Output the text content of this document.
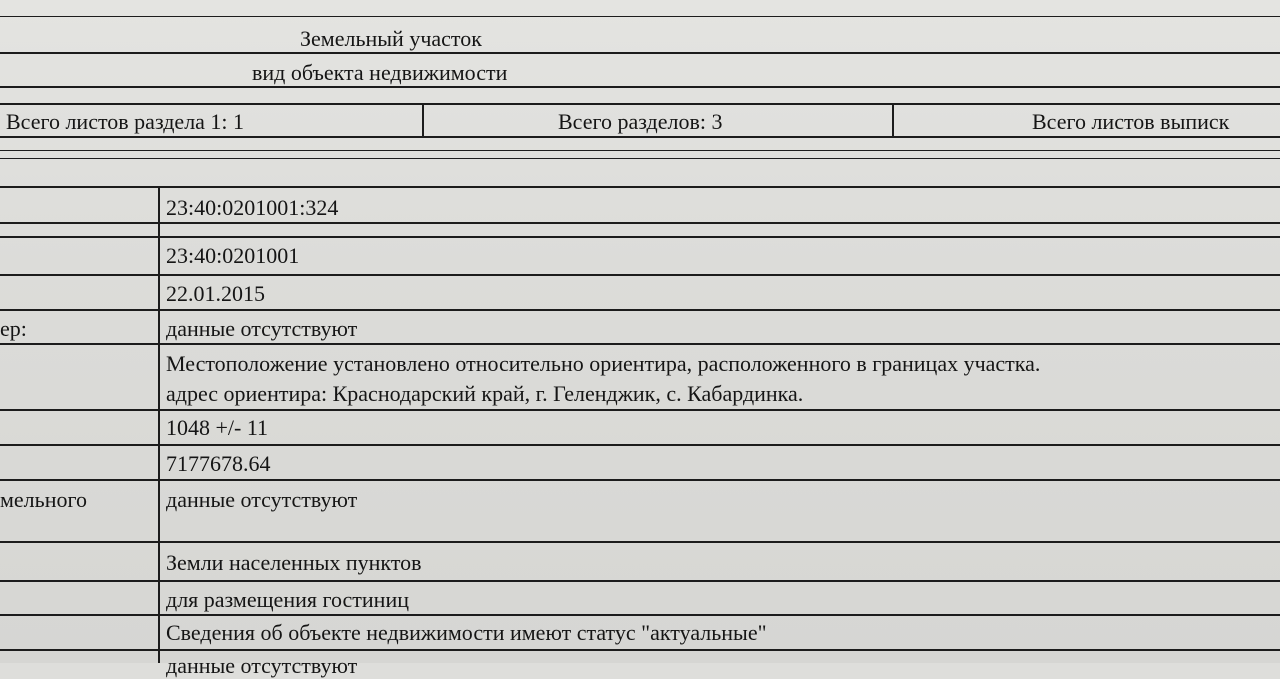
Земельный участок
вид объекта недвижимости
Всего листов раздела 1: 1	Всего разделов: 3	Всего листов выписк
23:40:0201001:324
23:40:0201001
22.01.2015
ер:	данные отсутствуют
Местоположение установлено относительно ориентира, расположенного в границах участка.
адрес ориентира: Краснодарский край, г. Геленджик, с. Кабардинка.
1048 +/- 11
7177678.64
мельного	данные отсутствуют
Земли населенных пунктов
для размещения гостиниц
Сведения об объекте недвижимости имеют статус "актуальные"
данные отсутствуют
